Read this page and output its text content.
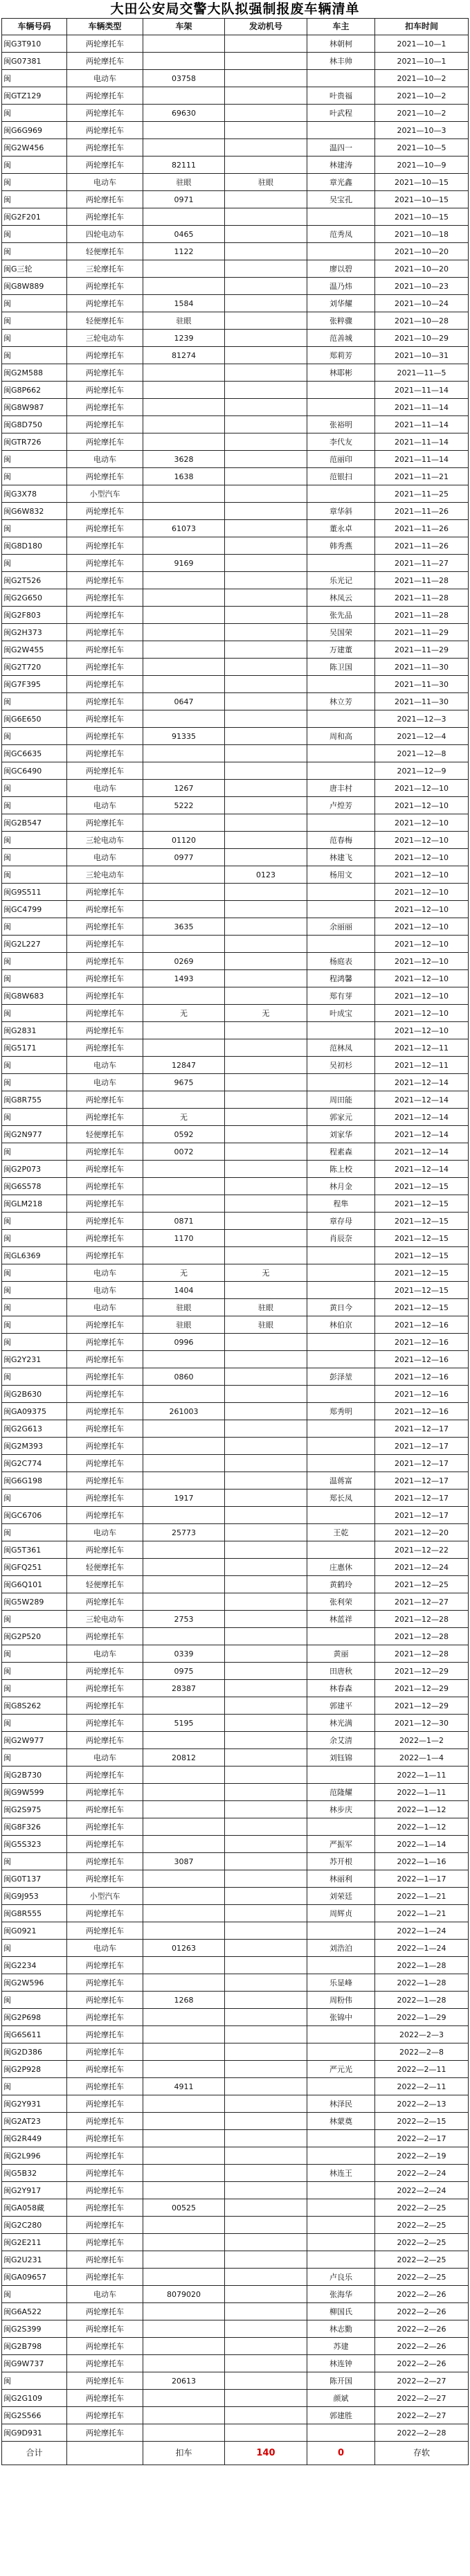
大田公安局交警大队拟强制报废车辆清单
车辆号码	车辆类型	车架	发动机号	车主	扣车时间
闽G3T910	两轮摩托车			林朝柯	2021—10—1
闽G07381	两轮摩托车			林丰帅	2021—10—1
闽	电动车	03758			2021—10—2
闽GTZ129	两轮摩托车			叶贵福	2021—10—2
闽	两轮摩托车	69630		叶武程	2021—10—2
闽G6G969	两轮摩托车				2021—10—3
闽G2W456	两轮摩托车			温四一	2021—10—5
闽	两轮摩托车	82111		林建涛	2021—10—9
闽	电动车	驻眼	驻眼	章光鑫	2021—10—15
闽	两轮摩托车	0971		吴宝孔	2021—10—15
闽G2F201	两轮摩托车				2021—10—15
闽	四轮电动车	0465		范秀凤	2021—10—18
闽	轻便摩托车	1122			2021—10—20
闽G三轮	三轮摩托车			廖以碧	2021—10—20
闽G8W889	两轮摩托车			温乃炜	2021—10—23
闽	两轮摩托车	1584		刘华耀	2021—10—24
闽	轻便摩托车	驻眼		张粹骤	2021—10—28
闽	三轮电动车	1239		范善城	2021—10—29
闽	两轮摩托车	81274		郑莉芳	2021—10—31
闽G2M588	两轮摩托车			林耶彬	2021—11—5
闽G8P662	两轮摩托车				2021—11—14
闽G8W987	两轮摩托车				2021—11—14
闽G8D750	两轮摩托车			张裕明	2021—11—14
闽GTR726	两轮摩托车			李代友	2021—11—14
闽	电动车	3628		范丽印	2021—11—14
闽	两轮摩托车	1638		范银扫	2021—11—21
闽G3X78	小型汽车				2021—11—25
闽G6W832	两轮摩托车			章华斜	2021—11—26
闽	两轮摩托车	61073		董永卓	2021—11—26
闽G8D180	两轮摩托车			韩秀燕	2021—11—26
闽	两轮摩托车	9169			2021—11—27
闽G2T526	两轮摩托车			乐光记	2021—11—28
闽G2G650	两轮摩托车			林凤云	2021—11—28
闽G2F803	两轮摩托车			张先品	2021—11—28
闽G2H373	两轮摩托车			吴国荣	2021—11—29
闽G2W455	两轮摩托车			万建董	2021—11—29
闽G2T720	两轮摩托车			陈卫国	2021—11—30
闽G7F395	两轮摩托车				2021—11—30
闽	两轮摩托车	0647		林立芳	2021—11—30
闽G6E650	两轮摩托车				2021—12—3
闽	两轮摩托车	91335		周和高	2021—12—4
闽GC6635	两轮摩托车				2021—12—8
闽GC6490	两轮摩托车				2021—12—9
闽	电动车	1267		唐丰村	2021—12—10
闽	电动车	5222		卢煌芳	2021—12—10
闽G2B547	两轮摩托车				2021—12—10
闽	三轮电动车	01120		范春梅	2021—12—10
闽	电动车	0977		林建飞	2021—12—10
闽	三轮电动车		0123	杨用文	2021—12—10
闽G9S511	两轮摩托车				2021—12—10
闽GC4799	两轮摩托车				2021—12—10
闽	两轮摩托车	3635		余丽丽	2021—12—10
闽G2L227	两轮摩托车				2021—12—10
闽	两轮摩托车	0269		杨庭表	2021—12—10
闽	两轮摩托车	1493		程鸿馨	2021—12—10
闽G8W683	两轮摩托车			郑有芽	2021—12—10
闽	两轮摩托车	无	无	叶成宝	2021—12—10
闽G2831	两轮摩托车				2021—12—10
闽G5171	两轮摩托车			范林凤	2021—12—11
闽	电动车	12847		吴初杉	2021—12—11
闽	电动车	9675			2021—12—14
闽G8R755	两轮摩托车			周田能	2021—12—14
闽	两轮摩托车	无		郭家元	2021—12—14
闽G2N977	轻便摩托车	0592		刘家华	2021—12—14
闽	两轮摩托车	0072		程素森	2021—12—14
闽G2P073	两轮摩托车			陈上校	2021—12—14
闽G6S578	两轮摩托车			林月金	2021—12—15
闽GLM218	两轮摩托车			程隼	2021—12—15
闽	两轮摩托车	0871		章存母	2021—12—15
闽	两轮摩托车	1170		肖辰奈	2021—12—15
闽GL6369	两轮摩托车				2021—12—15
闽	电动车	无	无		2021—12—15
闽	电动车	1404			2021—12—15
闽	电动车	驻眼	驻眼	黄日今	2021—12—15
闽	两轮摩托车	驻眼	驻眼	林伯京	2021—12—16
闽	两轮摩托车	0996			2021—12—16
闽G2Y231	两轮摩托车				2021—12—16
闽	两轮摩托车	0860		彭泽堃	2021—12—16
闽G2B630	两轮摩托车				2021—12—16
闽GA09375	两轮摩托车	261003		郑秀明	2021—12—16
闽G2G613	两轮摩托车				2021—12—17
闽G2M393	两轮摩托车				2021—12—17
闽G2C774	两轮摩托车				2021—12—17
闽G6G198	两轮摩托车			温蒋富	2021—12—17
闽	两轮摩托车	1917		郑长凤	2021—12—17
闽GC6706	两轮摩托车				2021—12—17
闽	电动车	25773		王乾	2021—12—20
闽G5T361	两轮摩托车				2021—12—22
闽GFQ251	轻便摩托车			庄惠休	2021—12—24
闽G6Q101	轻便摩托车			黄鹤玲	2021—12—25
闽G5W289	两轮摩托车			张利荣	2021—12—27
闽	三轮电动车	2753		林蓝祥	2021—12—28
闽G2P520	两轮摩托车				2021—12—28
闽	电动车	0339		黄丽	2021—12—28
闽	两轮摩托车	0975		田唐秋	2021—12—29
闽	两轮摩托车	28387		林春森	2021—12—29
闽G8S262	两轮摩托车			郭建平	2021—12—29
闽	两轮摩托车	5195		林光满	2021—12—30
闽G2W977	两轮摩托车			余艾清	2022—1—2
闽	电动车	20812		刘钰锦	2022—1—4
闽G2B730	两轮摩托车				2022—1—11
闽G9W599	两轮摩托车			范隆耀	2022—1—11
闽G2S975	两轮摩托车			林步庆	2022—1—12
闽G8F326	两轮摩托车				2022—1—12
闽G5S323	两轮摩托车			严振军	2022—1—14
闽	两轮摩托车	3087		苏开根	2022—1—16
闽G0T137	两轮摩托车			林丽利	2022—1—17
闽G9J953	小型汽车			刘荣廷	2022—1—21
闽G8R555	两轮摩托车			周辉贞	2022—1—21
闽G0921	两轮摩托车				2022—1—24
闽	电动车	01263		刘浩泊	2022—1—24
闽G2234	两轮摩托车				2022—1—28
闽G2W596	两轮摩托车			乐显峰	2022—1—28
闽	两轮摩托车	1268		周粉伟	2022—1—28
闽G2P698	两轮摩托车			张锦中	2022—1—29
闽G6S611	两轮摩托车				2022—2—3
闽G2D386	两轮摩托车				2022—2—8
闽G2P928	两轮摩托车			严元光	2022—2—11
闽	两轮摩托车	4911			2022—2—11
闽G2Y931	两轮摩托车			林泽民	2022—2—13
闽G2AT23	两轮摩托车			林蒙奠	2022—2—15
闽G2R449	两轮摩托车				2022—2—17
闽G2L996	两轮摩托车				2022—2—19
闽G5B32	两轮摩托车			林连王	2022—2—24
闽G2Y917	两轮摩托车				2022—2—24
闽GA058藏	两轮摩托车	00525			2022—2—25
闽G2C280	两轮摩托车				2022—2—25
闽G2E211	两轮摩托车				2022—2—25
闽G2U231	两轮摩托车				2022—2—25
闽GA09657	两轮摩托车			卢良乐	2022—2—25
闽	电动车	8079020		张海华	2022—2—26
闽G6A522	两轮摩托车			柳国氏	2022—2—26
闽G2S399	两轮摩托车			林志勤	2022—2—26
闽G2B798	两轮摩托车			苏建	2022—2—26
闽G9W737	两轮摩托车			林连钟	2022—2—26
闽	两轮摩托车	20613		陈开国	2022—2—27
闽G2G109	两轮摩托车			颜斌	2022—2—27
闽G2S566	两轮摩托车			郭建胜	2022—2—27
闽G9D931	两轮摩托车				2022—2—28
合计		扣车	140	0	存软
